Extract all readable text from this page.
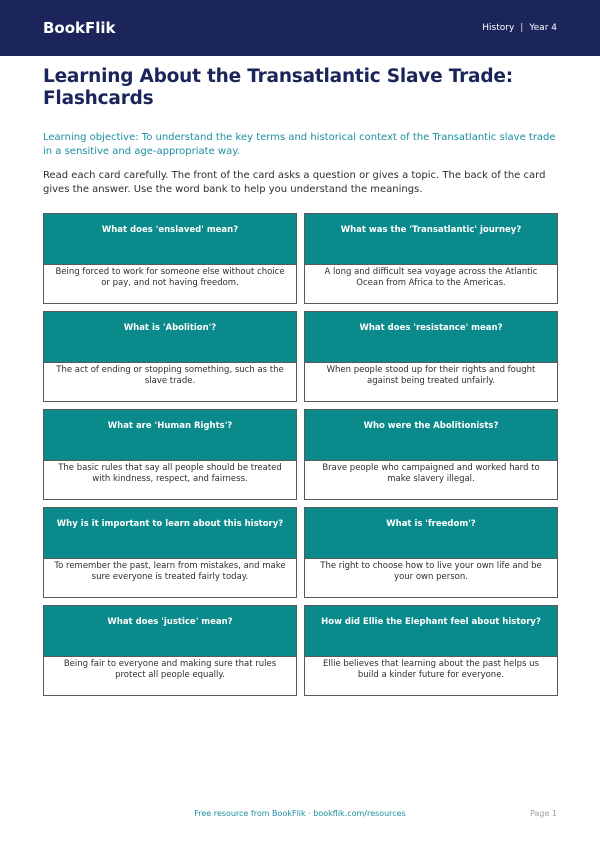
BookFlik	History | Year 4
Learning About the Transatlantic Slave Trade: Flashcards
Learning objective: To understand the key terms and historical context of the Transatlantic slave trade in a sensitive and age-appropriate way.
Read each card carefully. The front of the card asks a question or gives a topic. The back of the card gives the answer. Use the word bank to help you understand the meanings.
What does 'enslaved' mean?
Being forced to work for someone else without choice or pay, and not having freedom.
What was the 'Transatlantic' journey?
A long and difficult sea voyage across the Atlantic Ocean from Africa to the Americas.
What is 'Abolition'?
The act of ending or stopping something, such as the slave trade.
What does 'resistance' mean?
When people stood up for their rights and fought against being treated unfairly.
What are 'Human Rights'?
The basic rules that say all people should be treated with kindness, respect, and fairness.
Who were the Abolitionists?
Brave people who campaigned and worked hard to make slavery illegal.
Why is it important to learn about this history?
To remember the past, learn from mistakes, and make sure everyone is treated fairly today.
What is 'freedom'?
The right to choose how to live your own life and be your own person.
What does 'justice' mean?
Being fair to everyone and making sure that rules protect all people equally.
How did Ellie the Elephant feel about history?
Ellie believes that learning about the past helps us build a kinder future for everyone.
Free resource from BookFlik · bookflik.com/resources	Page 1
